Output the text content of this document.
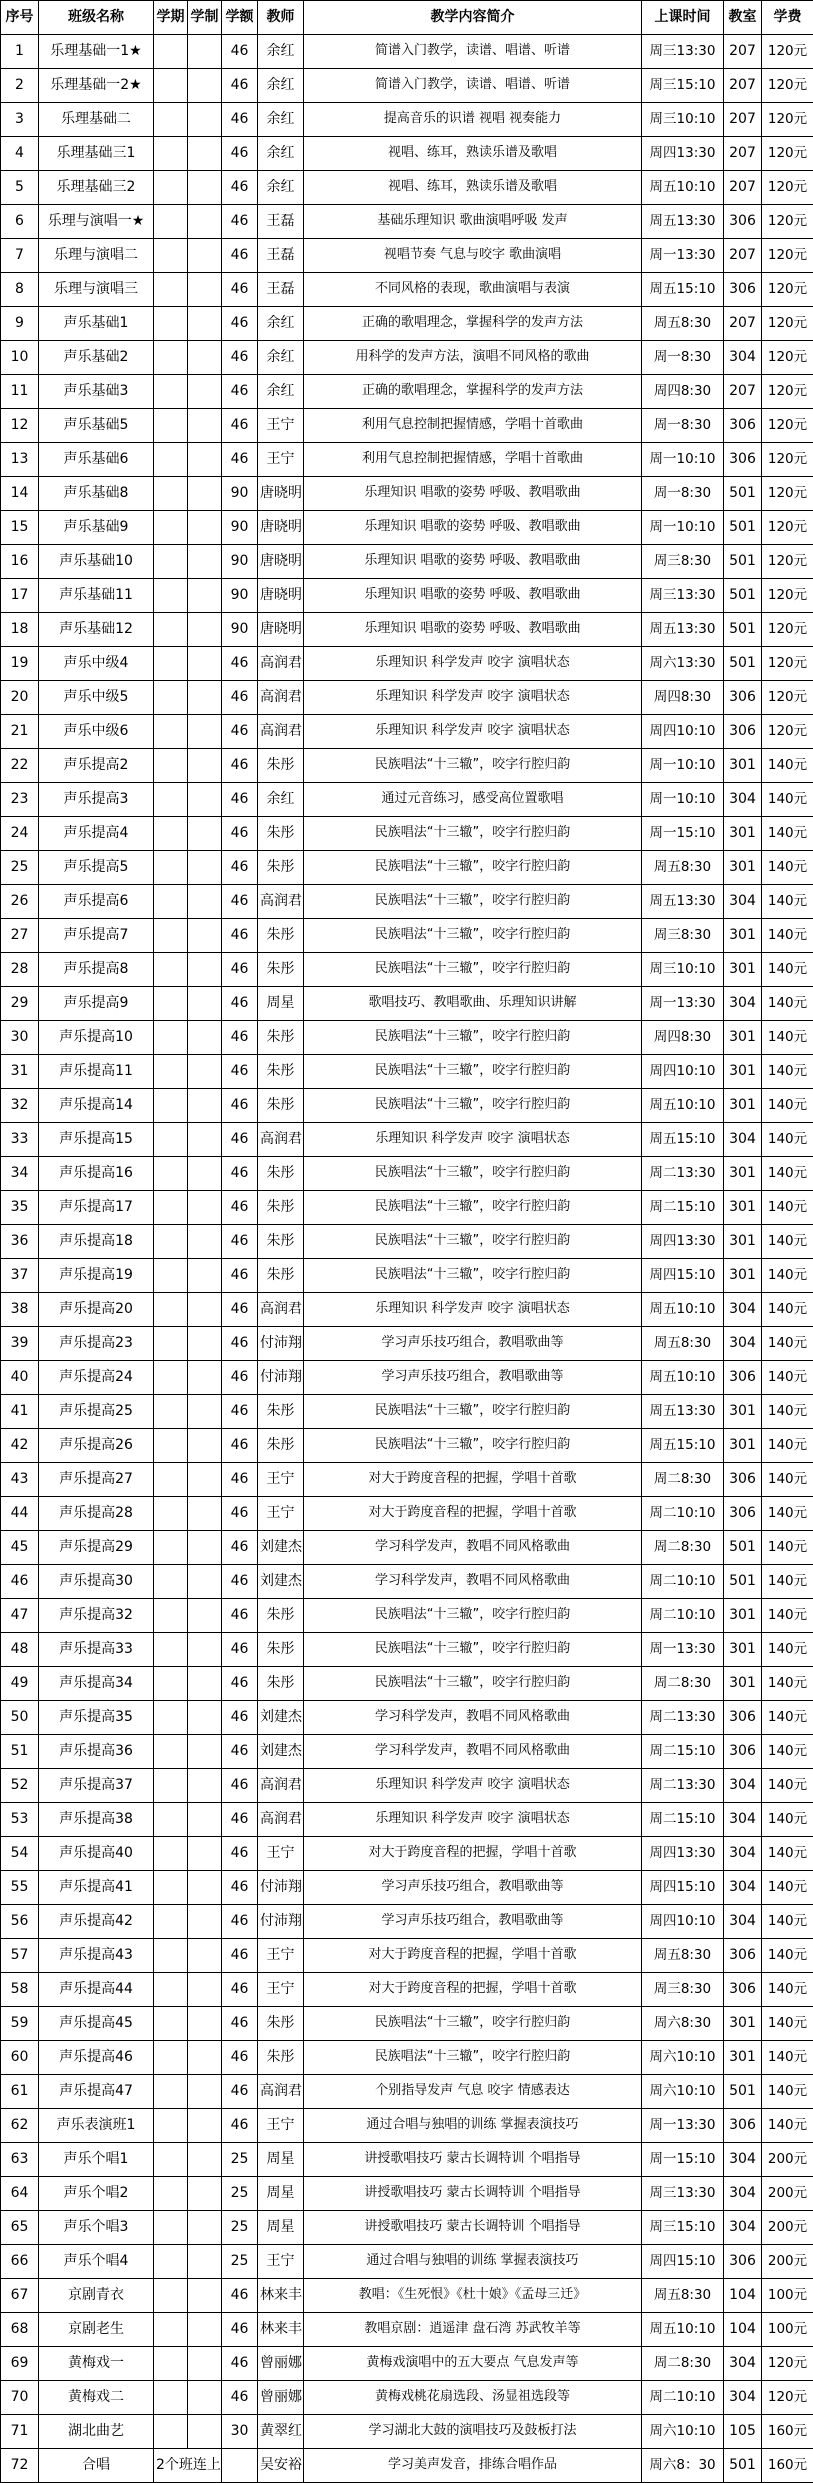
序号	班级名称	学期	学制	学额	教师	教学内容简介	上课时间	教室	学费
1	乐理基础一1★			46	余红	简谱入门教学，读谱、唱谱、听谱	周三13:30	207	120元
2	乐理基础一2★			46	余红	简谱入门教学，读谱、唱谱、听谱	周三15:10	207	120元
3	乐理基础二			46	余红	提高音乐的识谱 视唱 视奏能力	周三10:10	207	120元
4	乐理基础三1			46	余红	视唱、练耳，熟读乐谱及歌唱	周四13:30	207	120元
5	乐理基础三2			46	余红	视唱、练耳，熟读乐谱及歌唱	周五10:10	207	120元
6	乐理与演唱一★			46	王磊	基础乐理知识 歌曲演唱呼吸 发声	周五13:30	306	120元
7	乐理与演唱二			46	王磊	视唱节奏 气息与咬字 歌曲演唱	周一13:30	207	120元
8	乐理与演唱三			46	王磊	不同风格的表现，歌曲演唱与表演	周五15:10	306	120元
9	声乐基础1			46	余红	正确的歌唱理念，掌握科学的发声方法	周五8:30	207	120元
10	声乐基础2			46	余红	用科学的发声方法，演唱不同风格的歌曲	周一8:30	304	120元
11	声乐基础3			46	余红	正确的歌唱理念，掌握科学的发声方法	周四8:30	207	120元
12	声乐基础5			46	王宁	利用气息控制把握情感，学唱十首歌曲	周一8:30	306	120元
13	声乐基础6			46	王宁	利用气息控制把握情感，学唱十首歌曲	周一10:10	306	120元
14	声乐基础8			90	唐晓明	乐理知识 唱歌的姿势 呼吸、教唱歌曲	周一8:30	501	120元
15	声乐基础9			90	唐晓明	乐理知识 唱歌的姿势 呼吸、教唱歌曲	周一10:10	501	120元
16	声乐基础10			90	唐晓明	乐理知识 唱歌的姿势 呼吸、教唱歌曲	周三8:30	501	120元
17	声乐基础11			90	唐晓明	乐理知识 唱歌的姿势 呼吸、教唱歌曲	周三13:30	501	120元
18	声乐基础12			90	唐晓明	乐理知识 唱歌的姿势 呼吸、教唱歌曲	周五13:30	501	120元
19	声乐中级4			46	高润君	乐理知识 科学发声 咬字 演唱状态	周六13:30	501	120元
20	声乐中级5			46	高润君	乐理知识 科学发声 咬字 演唱状态	周四8:30	306	120元
21	声乐中级6			46	高润君	乐理知识 科学发声 咬字 演唱状态	周四10:10	306	120元
22	声乐提高2			46	朱彤	民族唱法“十三辙”，咬字行腔归韵	周一10:10	301	140元
23	声乐提高3			46	余红	通过元音练习，感受高位置歌唱	周一10:10	304	140元
24	声乐提高4			46	朱彤	民族唱法“十三辙”，咬字行腔归韵	周一15:10	301	140元
25	声乐提高5			46	朱彤	民族唱法“十三辙”，咬字行腔归韵	周五8:30	301	140元
26	声乐提高6			46	高润君	民族唱法“十三辙”，咬字行腔归韵	周五13:30	304	140元
27	声乐提高7			46	朱彤	民族唱法“十三辙”，咬字行腔归韵	周三8:30	301	140元
28	声乐提高8			46	朱彤	民族唱法“十三辙”，咬字行腔归韵	周三10:10	301	140元
29	声乐提高9			46	周星	歌唱技巧、教唱歌曲、乐理知识讲解	周一13:30	304	140元
30	声乐提高10			46	朱彤	民族唱法“十三辙”，咬字行腔归韵	周四8:30	301	140元
31	声乐提高11			46	朱彤	民族唱法“十三辙”，咬字行腔归韵	周四10:10	301	140元
32	声乐提高14			46	朱彤	民族唱法“十三辙”，咬字行腔归韵	周五10:10	301	140元
33	声乐提高15			46	高润君	乐理知识 科学发声 咬字 演唱状态	周五15:10	304	140元
34	声乐提高16			46	朱彤	民族唱法“十三辙”，咬字行腔归韵	周二13:30	301	140元
35	声乐提高17			46	朱彤	民族唱法“十三辙”，咬字行腔归韵	周二15:10	301	140元
36	声乐提高18			46	朱彤	民族唱法“十三辙”，咬字行腔归韵	周四13:30	301	140元
37	声乐提高19			46	朱彤	民族唱法“十三辙”，咬字行腔归韵	周四15:10	301	140元
38	声乐提高20			46	高润君	乐理知识 科学发声 咬字 演唱状态	周五10:10	304	140元
39	声乐提高23			46	付沛翔	学习声乐技巧组合，教唱歌曲等	周五8:30	304	140元
40	声乐提高24			46	付沛翔	学习声乐技巧组合，教唱歌曲等	周五10:10	306	140元
41	声乐提高25			46	朱彤	民族唱法“十三辙”，咬字行腔归韵	周五13:30	301	140元
42	声乐提高26			46	朱彤	民族唱法“十三辙”，咬字行腔归韵	周五15:10	301	140元
43	声乐提高27			46	王宁	对大于跨度音程的把握，学唱十首歌	周二8:30	306	140元
44	声乐提高28			46	王宁	对大于跨度音程的把握，学唱十首歌	周二10:10	306	140元
45	声乐提高29			46	刘建杰	学习科学发声，教唱不同风格歌曲	周二8:30	501	140元
46	声乐提高30			46	刘建杰	学习科学发声，教唱不同风格歌曲	周二10:10	501	140元
47	声乐提高32			46	朱彤	民族唱法“十三辙”，咬字行腔归韵	周二10:10	301	140元
48	声乐提高33			46	朱彤	民族唱法“十三辙”，咬字行腔归韵	周一13:30	301	140元
49	声乐提高34			46	朱彤	民族唱法“十三辙”，咬字行腔归韵	周二8:30	301	140元
50	声乐提高35			46	刘建杰	学习科学发声，教唱不同风格歌曲	周二13:30	306	140元
51	声乐提高36			46	刘建杰	学习科学发声，教唱不同风格歌曲	周二15:10	306	140元
52	声乐提高37			46	高润君	乐理知识 科学发声 咬字 演唱状态	周二13:30	304	140元
53	声乐提高38			46	高润君	乐理知识 科学发声 咬字 演唱状态	周二15:10	304	140元
54	声乐提高40			46	王宁	对大于跨度音程的把握，学唱十首歌	周四13:30	304	140元
55	声乐提高41			46	付沛翔	学习声乐技巧组合，教唱歌曲等	周四15:10	304	140元
56	声乐提高42			46	付沛翔	学习声乐技巧组合，教唱歌曲等	周四10:10	304	140元
57	声乐提高43			46	王宁	对大于跨度音程的把握，学唱十首歌	周五8:30	306	140元
58	声乐提高44			46	王宁	对大于跨度音程的把握，学唱十首歌	周三8:30	306	140元
59	声乐提高45			46	朱彤	民族唱法“十三辙”，咬字行腔归韵	周六8:30	301	140元
60	声乐提高46			46	朱彤	民族唱法“十三辙”，咬字行腔归韵	周六10:10	301	140元
61	声乐提高47			46	高润君	个别指导发声 气息 咬字 情感表达	周六10:10	501	140元
62	声乐表演班1			46	王宁	通过合唱与独唱的训练 掌握表演技巧	周一13:30	306	140元
63	声乐个唱1			25	周星	讲授歌唱技巧 蒙古长调特训 个唱指导	周一15:10	304	200元
64	声乐个唱2			25	周星	讲授歌唱技巧 蒙古长调特训 个唱指导	周三13:30	304	200元
65	声乐个唱3			25	周星	讲授歌唱技巧 蒙古长调特训 个唱指导	周三15:10	304	200元
66	声乐个唱4			25	王宁	通过合唱与独唱的训练 掌握表演技巧	周四15:10	306	200元
67	京剧青衣			46	林来丰	教唱：《生死恨》《杜十娘》《孟母三迁》	周五8:30	104	100元
68	京剧老生			46	林来丰	教唱京剧：逍遥津 盘石湾 苏武牧羊等	周五10:10	104	100元
69	黄梅戏一			46	曾丽娜	黄梅戏演唱中的五大要点 气息发声等	周二8:30	304	120元
70	黄梅戏二			46	曾丽娜	黄梅戏桃花扇选段、汤显祖选段等	周二10:10	304	120元
71	湖北曲艺			30	黄翠红	学习湖北大鼓的演唱技巧及鼓板打法	周六10:10	105	160元
72	合唱	2个班连上			吴安裕	学习美声发音，排练合唱作品	周六8：30	501	160元
